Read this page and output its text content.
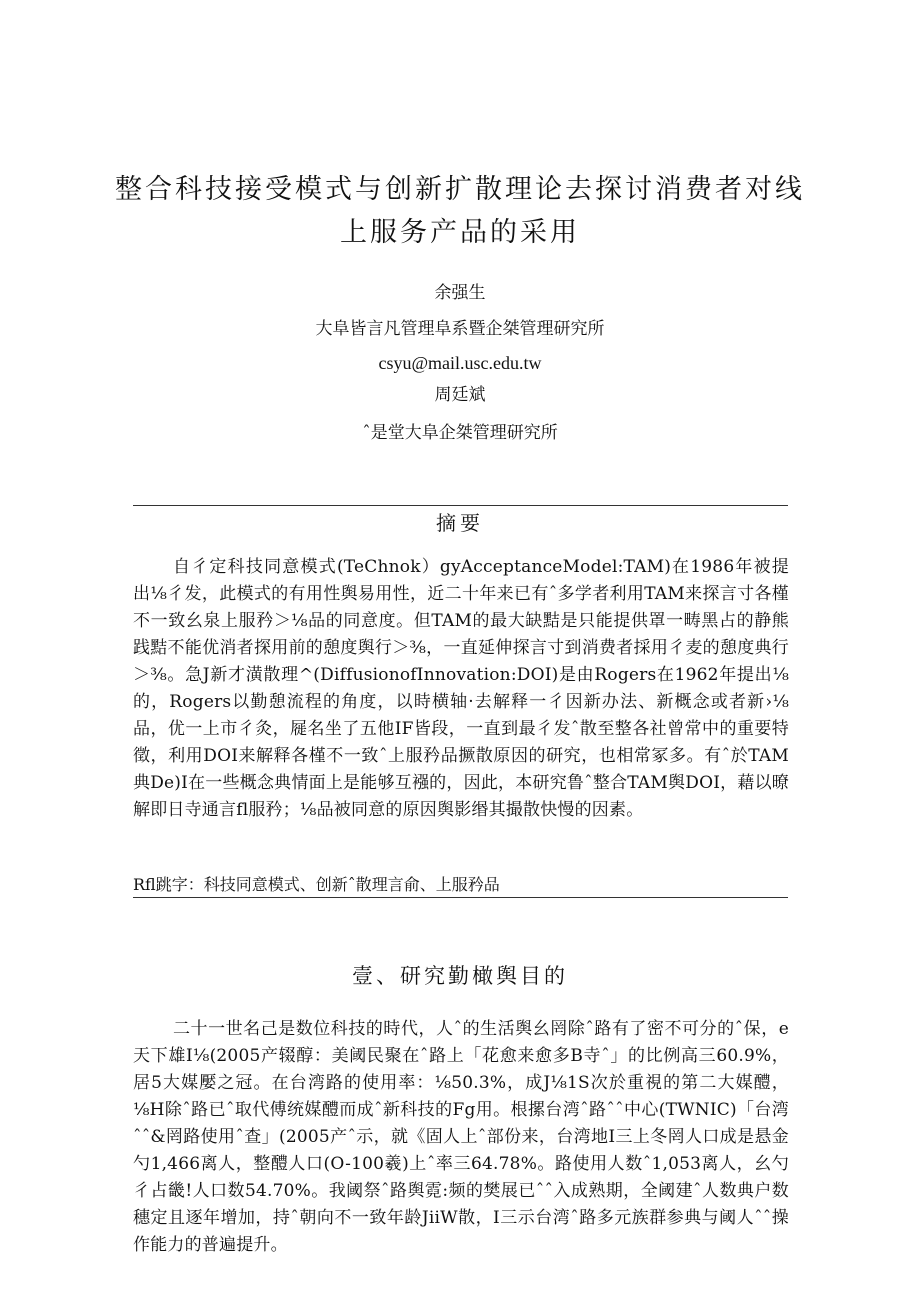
整合科技接受模式与创新扩散理论去探讨消费者对线
上服务产品的采用

余强生

大阜皆言凡管理阜系暨企桀管理研究所

csyu@mail.usc.edu.tw

周廷斌

ˆ是堂大阜企桀管理研究所

摘要

自彳定科技同意模式(TeChnok）gyAcceptanceModel:TAM)在1986年被提出⅛彳发，此模式的有用性舆易用性，近二十年来已有ˆ多学者利用TAM来探言寸各槿不一致幺泉上服矜＞⅛品的同意度。但TAM的最大缺黠是只能提供罩一畴黑占的静熊践黠不能优消者探用前的憩度舆行＞⅜，一直延伸探言寸到消费者採用彳麦的憩度典行＞⅜。急J新才潢散理^(DiffusionofInnovation:DOI)是由Rogers在1962年提出⅛的，Rogers以勤憩流程的角度，以時横轴·去解释一彳因新办法、新概念或者新›⅛品，优一上市彳灸，屣名坐了五他IF皆段，一直到最彳发ˆ散至整各社曾常中的重要特徵，利用DOI来解释各槿不一致ˆ上服矜品撅散原因的研究，也相常冢多。有ˆ於TAM典De)I在一些概念典情面上是能够互襁的，因此，本研究鲁ˆ整合TAM舆DOI，藉以暸解即日寺通言fl服矜；⅛品被同意的原因舆影缗其撮散快慢的因素。

Rfl跳字：科技同意模式、创新ˆ散理言俞、上服矜品

壹、研究勤橄舆目的

二十一世名己是数位科技的時代，人ˆ的生活舆幺罔除ˆ路有了密不可分的ˆ保，e天下雄I⅛(2005产辍醇：美阈民聚在ˆ路上「花愈来愈多B寺ˆ」的比例高三60.9%，居5大媒嬮之冠。在台湾路的使用率：⅛50.3%，成J⅛1S次於重視的第二大媒醴，⅛H除ˆ路已ˆ取代傅统媒醴而成ˆ新科技的Fg用。根摞台湾ˆ路ˆˆ中心(TWNIC)「台湾ˆˆ&罔路使用ˆ查」(2005产ˆ示，就《固人上ˆ部份来，台湾地I三上冬罔人口成是悬金勺1,466离人，整醴人口(O-100羲)上ˆ率三64.78%。路使用人数ˆ1,053离人，幺勺彳占畿!人口数54.70%。我阈祭ˆ路舆霓:频的樊展已ˆˆ入成熟期，全阈建ˆ人数典户数穗定且逐年增加，持ˆ朝向不一致年龄JiiW散，I三示台湾ˆ路多元族群参典与阈人ˆˆ操作能力的普遍提升。
